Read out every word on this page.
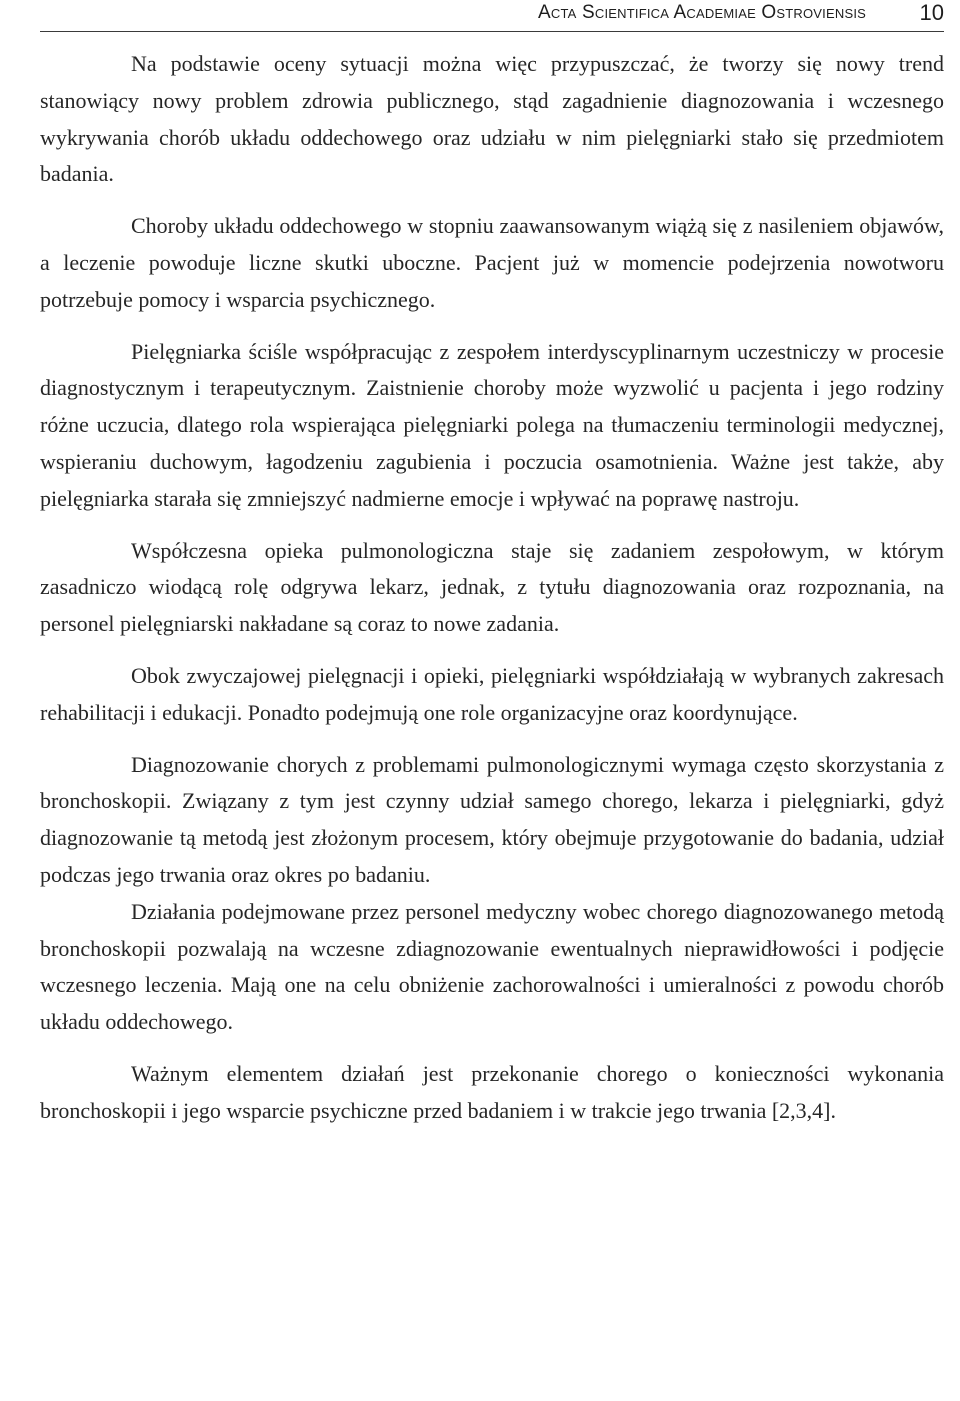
Acta Scientifica Academiae Ostroviensis 10

Na podstawie oceny sytuacji można więc przypuszczać, że tworzy się nowy trend stanowiący nowy problem zdrowia publicznego, stąd zagadnienie diagnozowania i wczesnego wykrywania chorób układu oddechowego oraz udziału w nim pielęgniarki stało się przedmiotem badania.

Choroby układu oddechowego w stopniu zaawansowanym wiążą się z nasileniem objawów, a leczenie powoduje liczne skutki uboczne. Pacjent już w momencie podejrzenia nowotworu potrzebuje pomocy i wsparcia psychicznego.

Pielęgniarka ściśle współpracując z zespołem interdyscyplinarnym uczestniczy w procesie diagnostycznym i terapeutycznym. Zaistnienie choroby może wyzwolić u pacjenta i jego rodziny różne uczucia, dlatego rola wspierająca pielęgniarki polega na tłumaczeniu terminologii medycznej, wspieraniu duchowym, łagodzeniu zagubienia i poczucia osamotnienia. Ważne jest także, aby pielęgniarka starała się zmniejszyć nadmierne emocje i wpływać na poprawę nastroju.

Współczesna opieka pulmonologiczna staje się zadaniem zespołowym, w którym zasadniczo wiodącą rolę odgrywa lekarz, jednak, z tytułu diagnozowania oraz rozpoznania, na personel pielęgniarski nakładane są coraz to nowe zadania.

Obok zwyczajowej pielęgnacji i opieki, pielęgniarki współdziałają w wybranych zakresach rehabilitacji i edukacji. Ponadto podejmują one role organizacyjne oraz koordynujące.

Diagnozowanie chorych z problemami pulmonologicznymi wymaga często skorzystania z bronchoskopii. Związany z tym jest czynny udział samego chorego, lekarza i pielęgniarki, gdyż diagnozowanie tą metodą jest złożonym procesem, który obejmuje przygotowanie do badania, udział podczas jego trwania oraz okres po badaniu.

Działania podejmowane przez personel medyczny wobec chorego diagnozowanego metodą bronchoskopii pozwalają na wczesne zdiagnozowanie ewentualnych nieprawidłowości i podjęcie wczesnego leczenia. Mają one na celu obniżenie zachorowalności i umieralności z powodu chorób układu oddechowego.

Ważnym elementem działań jest przekonanie chorego o konieczności wykonania bronchoskopii i jego wsparcie psychiczne przed badaniem i w trakcie jego trwania [2,3,4].
